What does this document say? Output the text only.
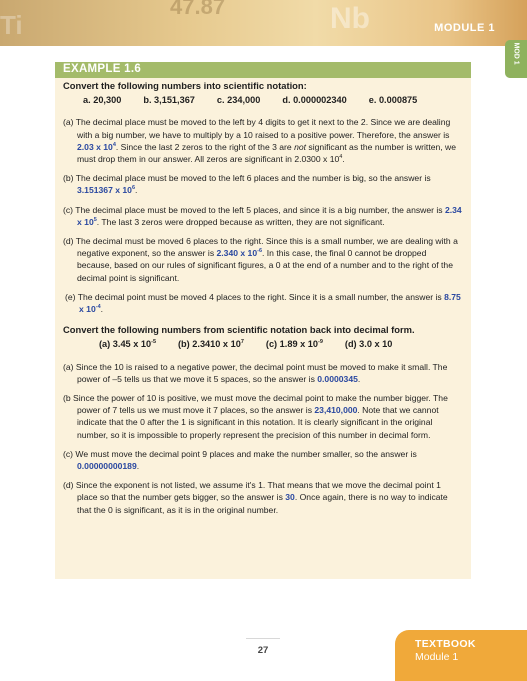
47.87	Nb
Ti	MODULE 1
MOD 1
EXAMPLE 1.6
Convert the following numbers into scientific notation:
a. 20,300 b. 3,151,367 c. 234,000 d. 0.000002340 e. 0.000875
(a) The decimal place must be moved to the left by 4 digits to get it next to the 2. Since we are dealing with a big number, we have to multiply by a 10 raised to a positive power. Therefore, the answer is 2.03 x $10^4$. Since the last 2 zeros to the right of the 3 are not significant as the number is written, we must drop them in our answer. All zeros are significant in 2.0300 x $10^4$.
(b) The decimal place must be moved to the left 6 places and the number is big, so the answer is 3.151367 x $10^6$.
(c) The decimal place must be moved to the left 5 places, and since it is a big number, the answer is 2.34 x $10^5$. The last 3 zeros were dropped because as written, they are not significant.
(d) The decimal must be moved 6 places to the right. Since this is a small number, we are dealing with a negative exponent, so the answer is 2.340 x $10^{-6}$. In this case, the final 0 cannot be dropped because, based on our rules of significant figures, a 0 at the end of a number and to the right of the decimal point is significant.
(e) The decimal point must be moved 4 places to the right. Since it is a small number, the answer is 8.75 x $10^{-4}$.
Convert the following numbers from scientific notation back into decimal form.
(a) 3.45 x $10^{-5}$ (b) 2.3410 x $10^7$ (c) 1.89 x $10^{-9}$ (d) 3.0 x 10
(a) Since the 10 is raised to a negative power, the decimal point must be moved to make it small. The power of –5 tells us that we move it 5 spaces, so the answer is 0.0000345.
(b Since the power of 10 is positive, we must move the decimal point to make the number bigger. The power of 7 tells us we must move it 7 places, so the answer is 23,410,000. Note that we cannot indicate that the 0 after the 1 is significant in this notation. It is clearly significant in the original number, so it is impossible to properly represent the precision of this number in decimal form.
(c) We must move the decimal point 9 places and make the number smaller, so the answer is 0.00000000189.
(d) Since the exponent is not listed, we assume it's 1. That means that we move the decimal point 1 place so that the number gets bigger, so the answer is 30. Once again, there is no way to indicate that the 0 is significant, as it is in the original number.
27
TEXTBOOK
Module 1
